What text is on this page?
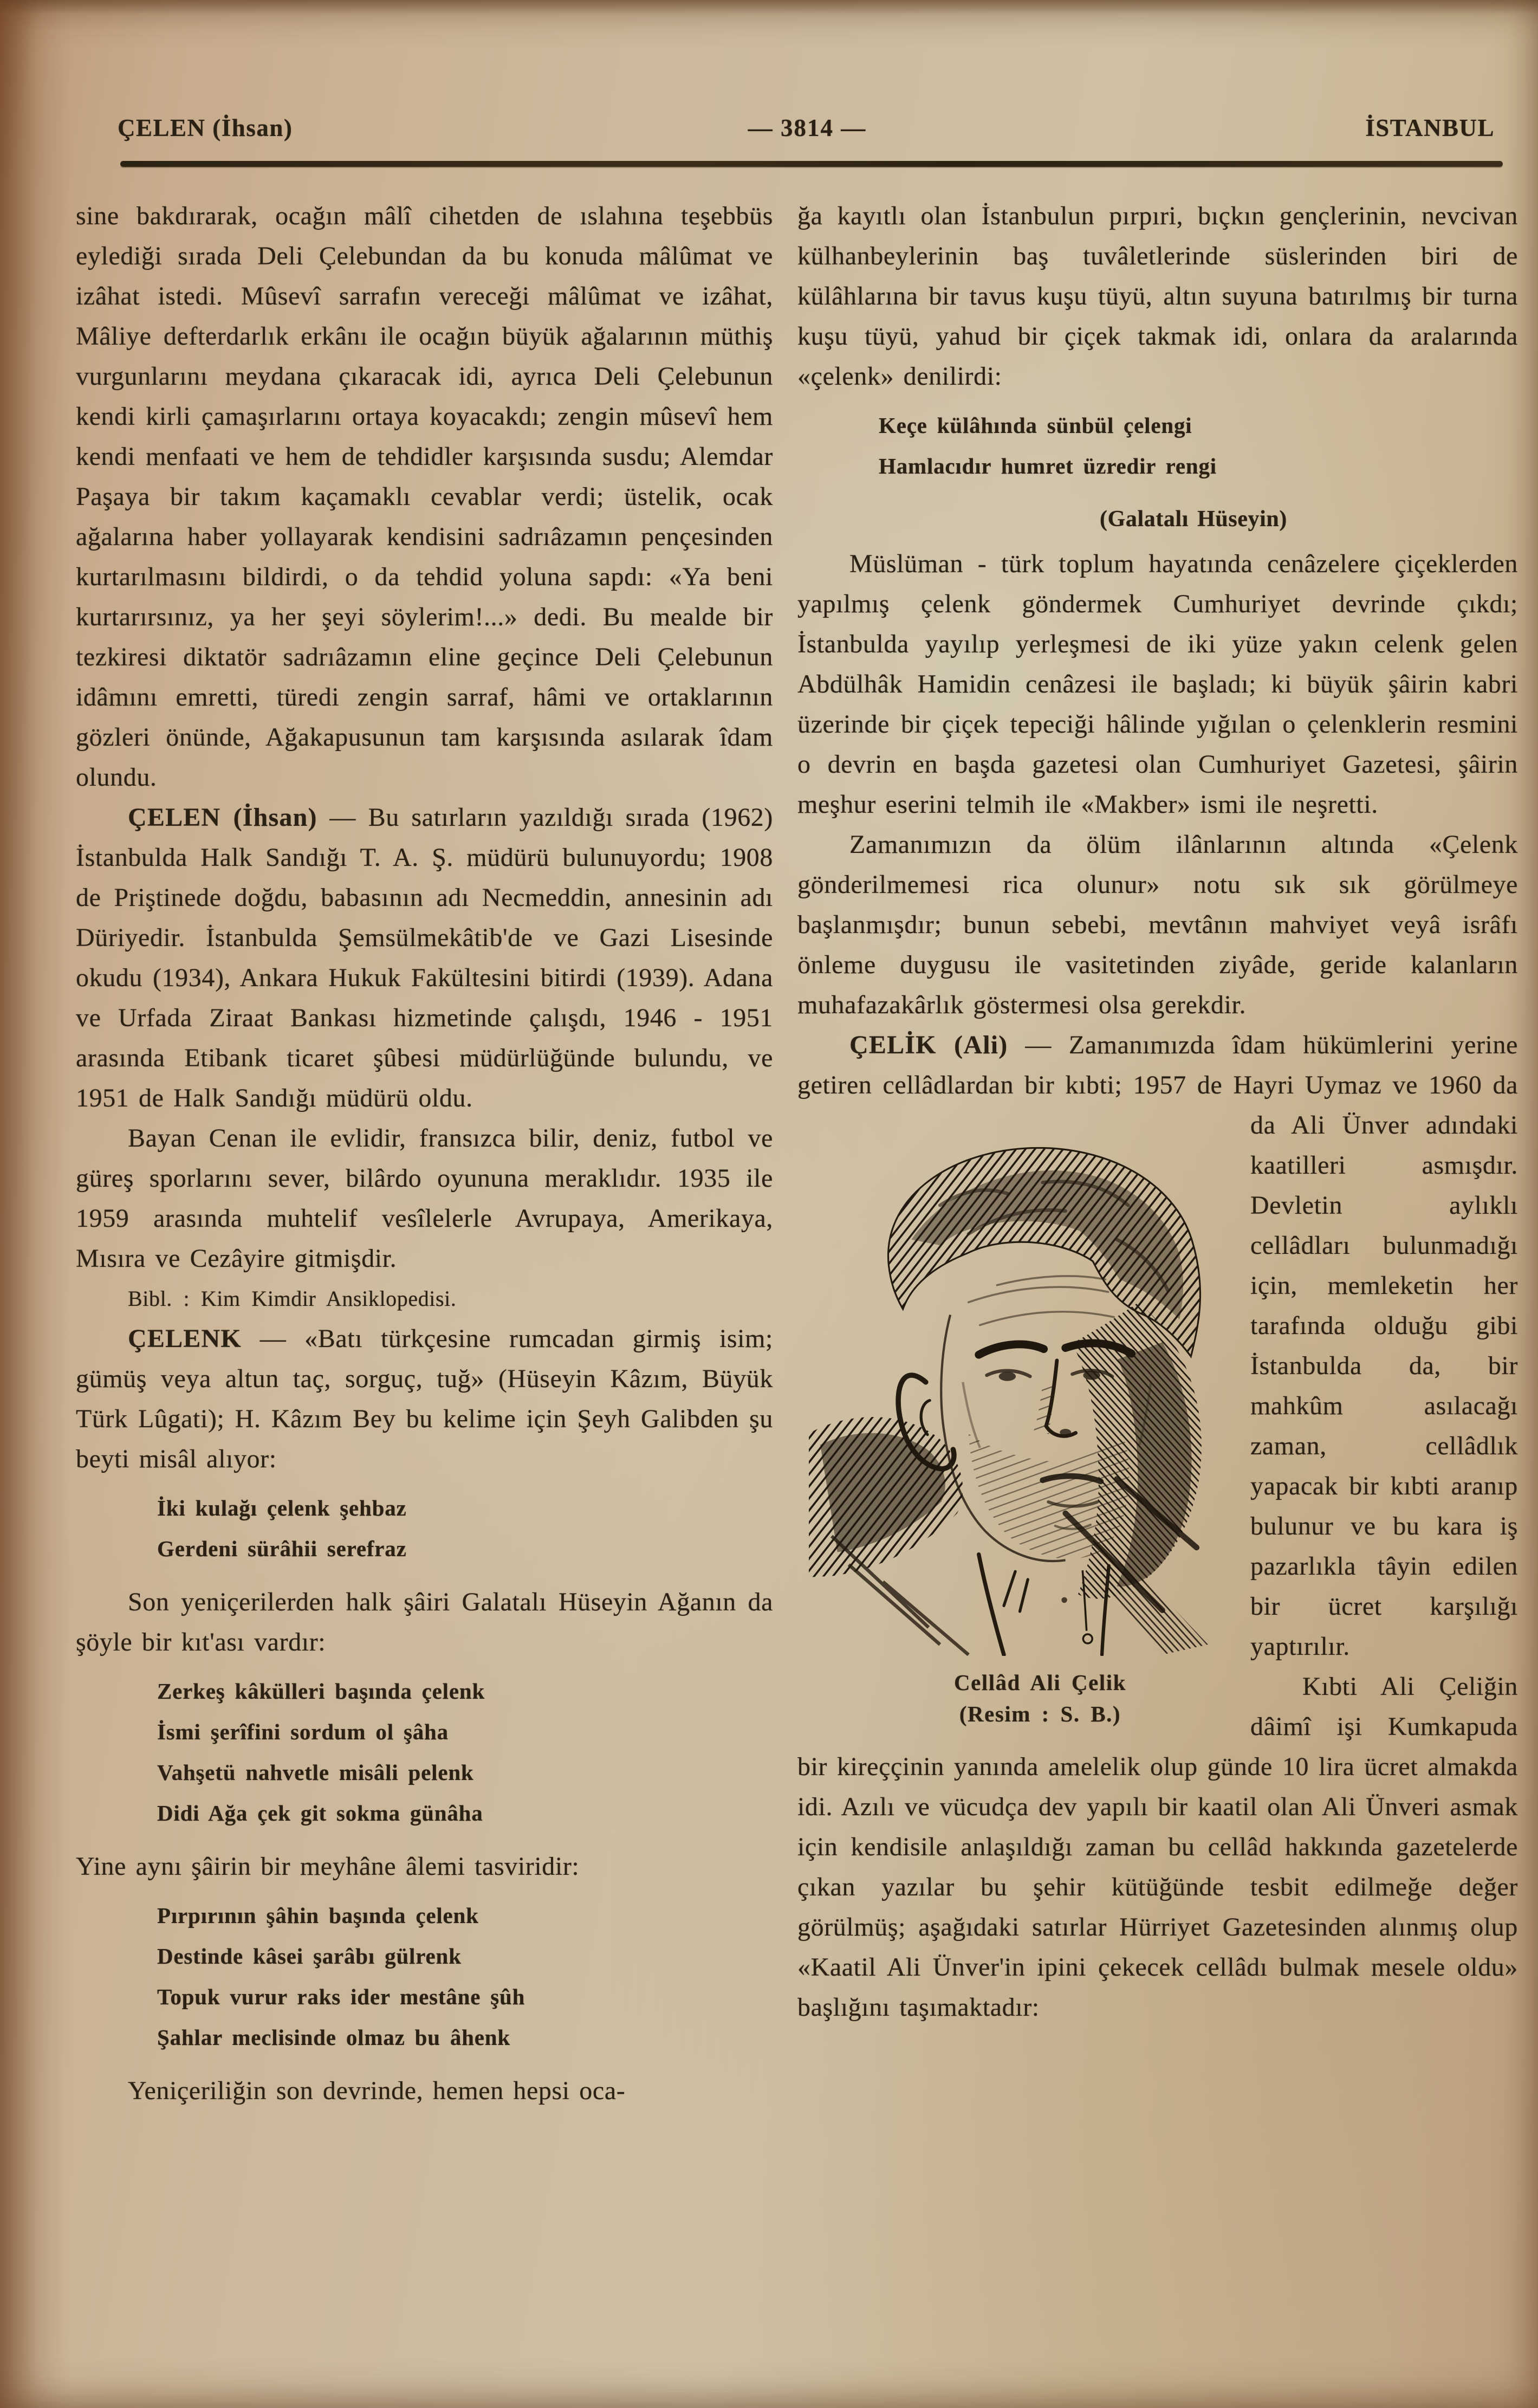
ÇELEN (İhsan)	— 3814 —	İSTANBUL

sine bakdırarak, ocağın mâlî cihetden de ıslahına teşebbüs eylediği sırada Deli Çelebundan da bu konuda mâlûmat ve izâhat istedi. Mûsevî sarrafın vereceği mâlûmat ve izâhat, Mâliye defterdarlık erkânı ile ocağın büyük ağalarının müthiş vurgunlarını meydana çıkaracak idi, ayrıca Deli Çelebunun kendi kirli çamaşırlarını ortaya koyacakdı; zengin mûsevî hem kendi menfaati ve hem de tehdidler karşısında susdu; Alemdar Paşaya bir takım kaçamaklı cevablar verdi; üstelik, ocak ağalarına haber yollayarak kendisini sadrıâzamın pençesinden kurtarılmasını bildirdi, o da tehdid yoluna sapdı: «Ya beni kurtarırsınız, ya her şeyi söylerim!...» dedi. Bu mealde bir tezkiresi diktatör sadrıâzamın eline geçince Deli Çelebunun idâmını emretti, türedi zengin sarraf, hâmi ve ortaklarının gözleri önünde, Ağakapusunun tam karşısında asılarak îdam olundu.

ÇELEN (İhsan) — Bu satırların yazıldığı sırada (1962) İstanbulda Halk Sandığı T. A. Ş. müdürü bulunuyordu; 1908 de Priştinede doğdu, babasının adı Necmeddin, annesinin adı Düriyedir. İstanbulda Şemsülmekâtib'de ve Gazi Lisesinde okudu (1934), Ankara Hukuk Fakültesini bitirdi (1939). Adana ve Urfada Ziraat Bankası hizmetinde çalışdı, 1946 - 1951 arasında Etibank ticaret şûbesi müdürlüğünde bulundu, ve 1951 de Halk Sandığı müdürü oldu.

Bayan Cenan ile evlidir, fransızca bilir, deniz, futbol ve güreş sporlarını sever, bilârdo oyununa meraklıdır. 1935 ile 1959 arasında muhtelif vesîlelerle Avrupaya, Amerikaya, Mısıra ve Cezâyire gitmişdir.

Bibl. : Kim Kimdir Ansiklopedisi.

ÇELENK — «Batı türkçesine rumcadan girmiş isim; gümüş veya altun taç, sorguç, tuğ» (Hüseyin Kâzım, Büyük Türk Lûgati); H. Kâzım Bey bu kelime için Şeyh Galibden şu beyti misâl alıyor:

İki kulağı çelenk şehbaz
Gerdeni sürâhii serefraz

Son yeniçerilerden halk şâiri Galatalı Hüseyin Ağanın da şöyle bir kıt'ası vardır:

Zerkeş kâkülleri başında çelenk
İsmi şerîfini sordum ol şâha
Vahşetü nahvetle misâli pelenk
Didi Ağa çek git sokma günâha

Yine aynı şâirin bir meyhâne âlemi tasviridir:

Pırpırının şâhin başında çelenk
Destinde kâsei şarâbı gülrenk
Topuk vurur raks ider mestâne şûh
Şahlar meclisinde olmaz bu âhenk

Yeniçeriliğin son devrinde, hemen hepsi oca-

ğa kayıtlı olan İstanbulun pırpıri, bıçkın gençlerinin, nevcivan külhanbeylerinin baş tuvâletlerinde süslerinden biri de külâhlarına bir tavus kuşu tüyü, altın suyuna batırılmış bir turna kuşu tüyü, yahud bir çiçek takmak idi, onlara da aralarında «çelenk» denilirdi:

Keçe külâhında sünbül çelengi
Hamlacıdır humret üzredir rengi
(Galatalı Hüseyin)

Müslüman - türk toplum hayatında cenâzelere çiçeklerden yapılmış çelenk göndermek Cumhuriyet devrinde çıkdı; İstanbulda yayılıp yerleşmesi de iki yüze yakın celenk gelen Abdülhâk Hamidin cenâzesi ile başladı; ki büyük şâirin kabri üzerinde bir çiçek tepeciği hâlinde yığılan o çelenklerin resmini o devrin en başda gazetesi olan Cumhuriyet Gazetesi, şâirin meşhur eserini telmih ile «Makber» ismi ile neşretti.

Zamanımızın da ölüm ilânlarının altında «Çelenk gönderilmemesi rica olunur» notu sık sık görülmeye başlanmışdır; bunun sebebi, mevtânın mahviyet veyâ isrâfı önleme duygusu ile vasitetinden ziyâde, geride kalanların muhafazakârlık göstermesi olsa gerekdir.

ÇELİK (Ali) — Zamanımızda îdam hükümlerini yerine getiren cellâdlardan bir kıbti; 1957
Cellâd Ali Çelik
(Resim : S. B.)
de Hayri Uymaz ve 1960 da da Ali Ünver adındaki kaatilleri asmışdır. Devletin aylıklı cellâdları bulunmadığı için, memleketin her tarafında olduğu gibi İstanbulda da, bir mahkûm asılacağı zaman, cellâdlık yapacak bir kıbti aranıp bulunur ve bu kara iş pazarlıkla tâyin edilen bir ücret karşılığı yaptırılır.

Kıbti Ali Çeliğin dâimî işi Kumkapuda bir kireççinin yanında amelelik olup günde 10 lira ücret almakda idi. Azılı ve vücudça dev yapılı bir kaatil olan Ali Ünveri asmak için kendisile anlaşıldığı zaman bu cellâd hakkında gazetelerde çıkan yazılar bu şehir kütüğünde tesbit edilmeğe değer görülmüş; aşağıdaki satırlar Hürriyet Gazetesinden alınmış olup «Kaatil Ali Ünver'in ipini çekecek cellâdı bulmak mesele oldu» başlığını taşımaktadır:
